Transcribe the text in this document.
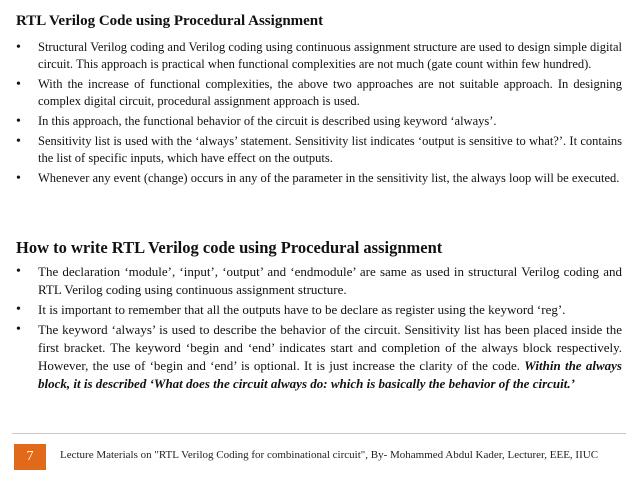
RTL Verilog Code using Procedural Assignment
• Structural Verilog coding and Verilog coding using continuous assignment structure are used to design simple digital circuit. This approach is practical when functional complexities are not much (gate count within few hundred).
• With the increase of functional complexities, the above two approaches are not suitable approach. In designing complex digital circuit, procedural assignment approach is used.
• In this approach, the functional behavior of the circuit is described using keyword ‘always’.
• Sensitivity list is used with the ‘always’ statement. Sensitivity list indicates ‘output is sensitive to what?’. It contains the list of specific inputs, which have effect on the outputs.
• Whenever any event (change) occurs in any of the parameter in the sensitivity list, the always loop will be executed.
How to write RTL Verilog code using Procedural assignment
• The declaration ‘module’, ‘input’, ‘output’ and ‘endmodule’ are same as used in structural Verilog coding and RTL Verilog coding using continuous assignment structure.
• It is important to remember that all the outputs have to be declare as register using the keyword ‘reg’.
• The keyword ‘always’ is used to describe the behavior of the circuit. Sensitivity list has been placed inside the first bracket. The keyword ‘begin and ‘end’ indicates start and completion of the always block respectively. However, the use of ‘begin and ‘end’ is optional. It is just increase the clarity of the code. Within the always block, it is described ‘What does the circuit always do: which is basically the behavior of the circuit.’
7	Lecture Materials on "RTL Verilog Coding for combinational circuit", By- Mohammed Abdul Kader, Lecturer, EEE, IIUC
